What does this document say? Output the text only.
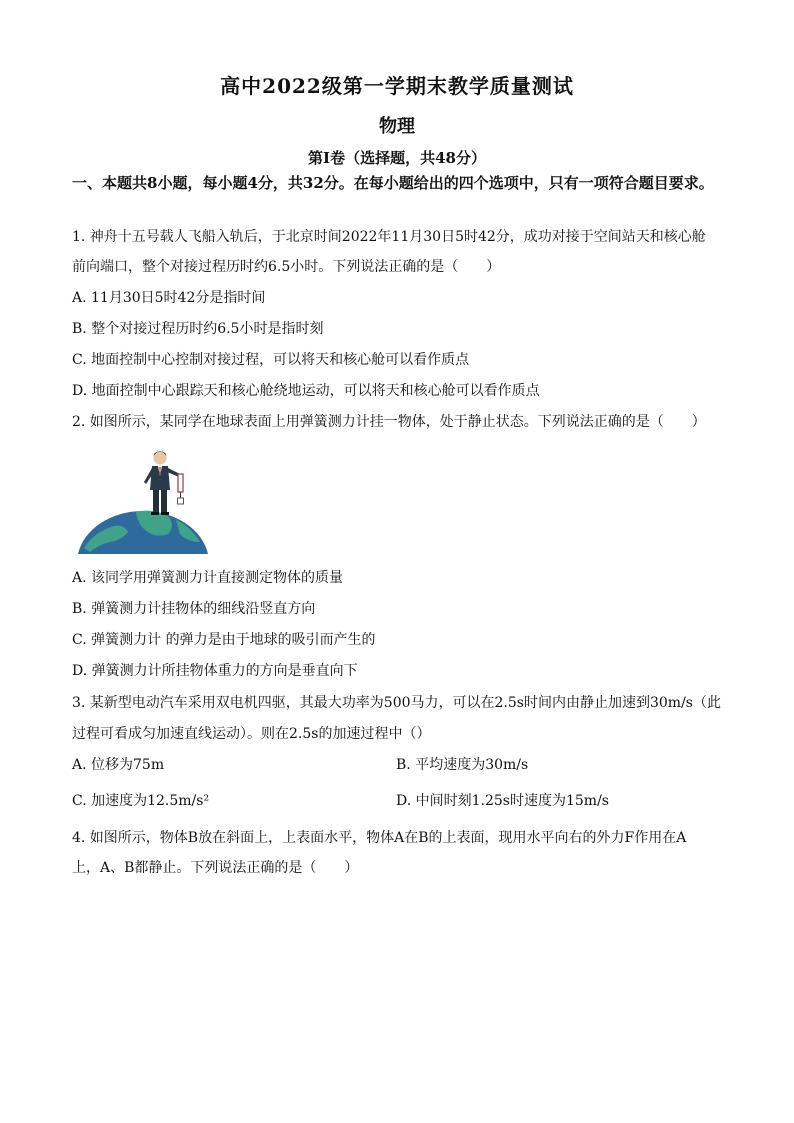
高中2022级第一学期末教学质量测试
物理
第Ⅰ卷（选择题，共48分）
一、本题共8小题，每小题4分，共32分。在每小题给出的四个选项中，只有一项符合题目要求。
1. 神舟十五号载人飞船入轨后，于北京时间2022年11月30日5时42分，成功对接于空间站天和核心舱
前向端口，整个对接过程历时约6.5小时。下列说法正确的是（　　）
A. 11月30日5时42分是指时间
B. 整个对接过程历时约6.5小时是指时刻
C. 地面控制中心控制对接过程，可以将天和核心舱可以看作质点
D. 地面控制中心跟踪天和核心舱绕地运动，可以将天和核心舱可以看作质点
2. 如图所示，某同学在地球表面上用弹簧测力计挂一物体，处于静止状态。下列说法正确的是（　　）
A. 该同学用弹簧测力计直接测定物体的质量
B. 弹簧测力计挂物体的细线沿竖直方向
C. 弹簧测力计 的弹力是由于地球的吸引而产生的
D. 弹簧测力计所挂物体重力的方向是垂直向下
3. 某新型电动汽车采用双电机四驱，其最大功率为500马力，可以在2.5s时间内由静止加速到30m/s（此
过程可看成匀加速直线运动）。则在2.5s的加速过程中（）
A. 位移为75m	B. 平均速度为30m/s
C. 加速度为12.5m/s²	D. 中间时刻1.25s时速度为15m/s
4. 如图所示，物体B放在斜面上，上表面水平，物体A在B的上表面，现用水平向右的外力F作用在A
上，A、B都静止。下列说法正确的是（　　）
